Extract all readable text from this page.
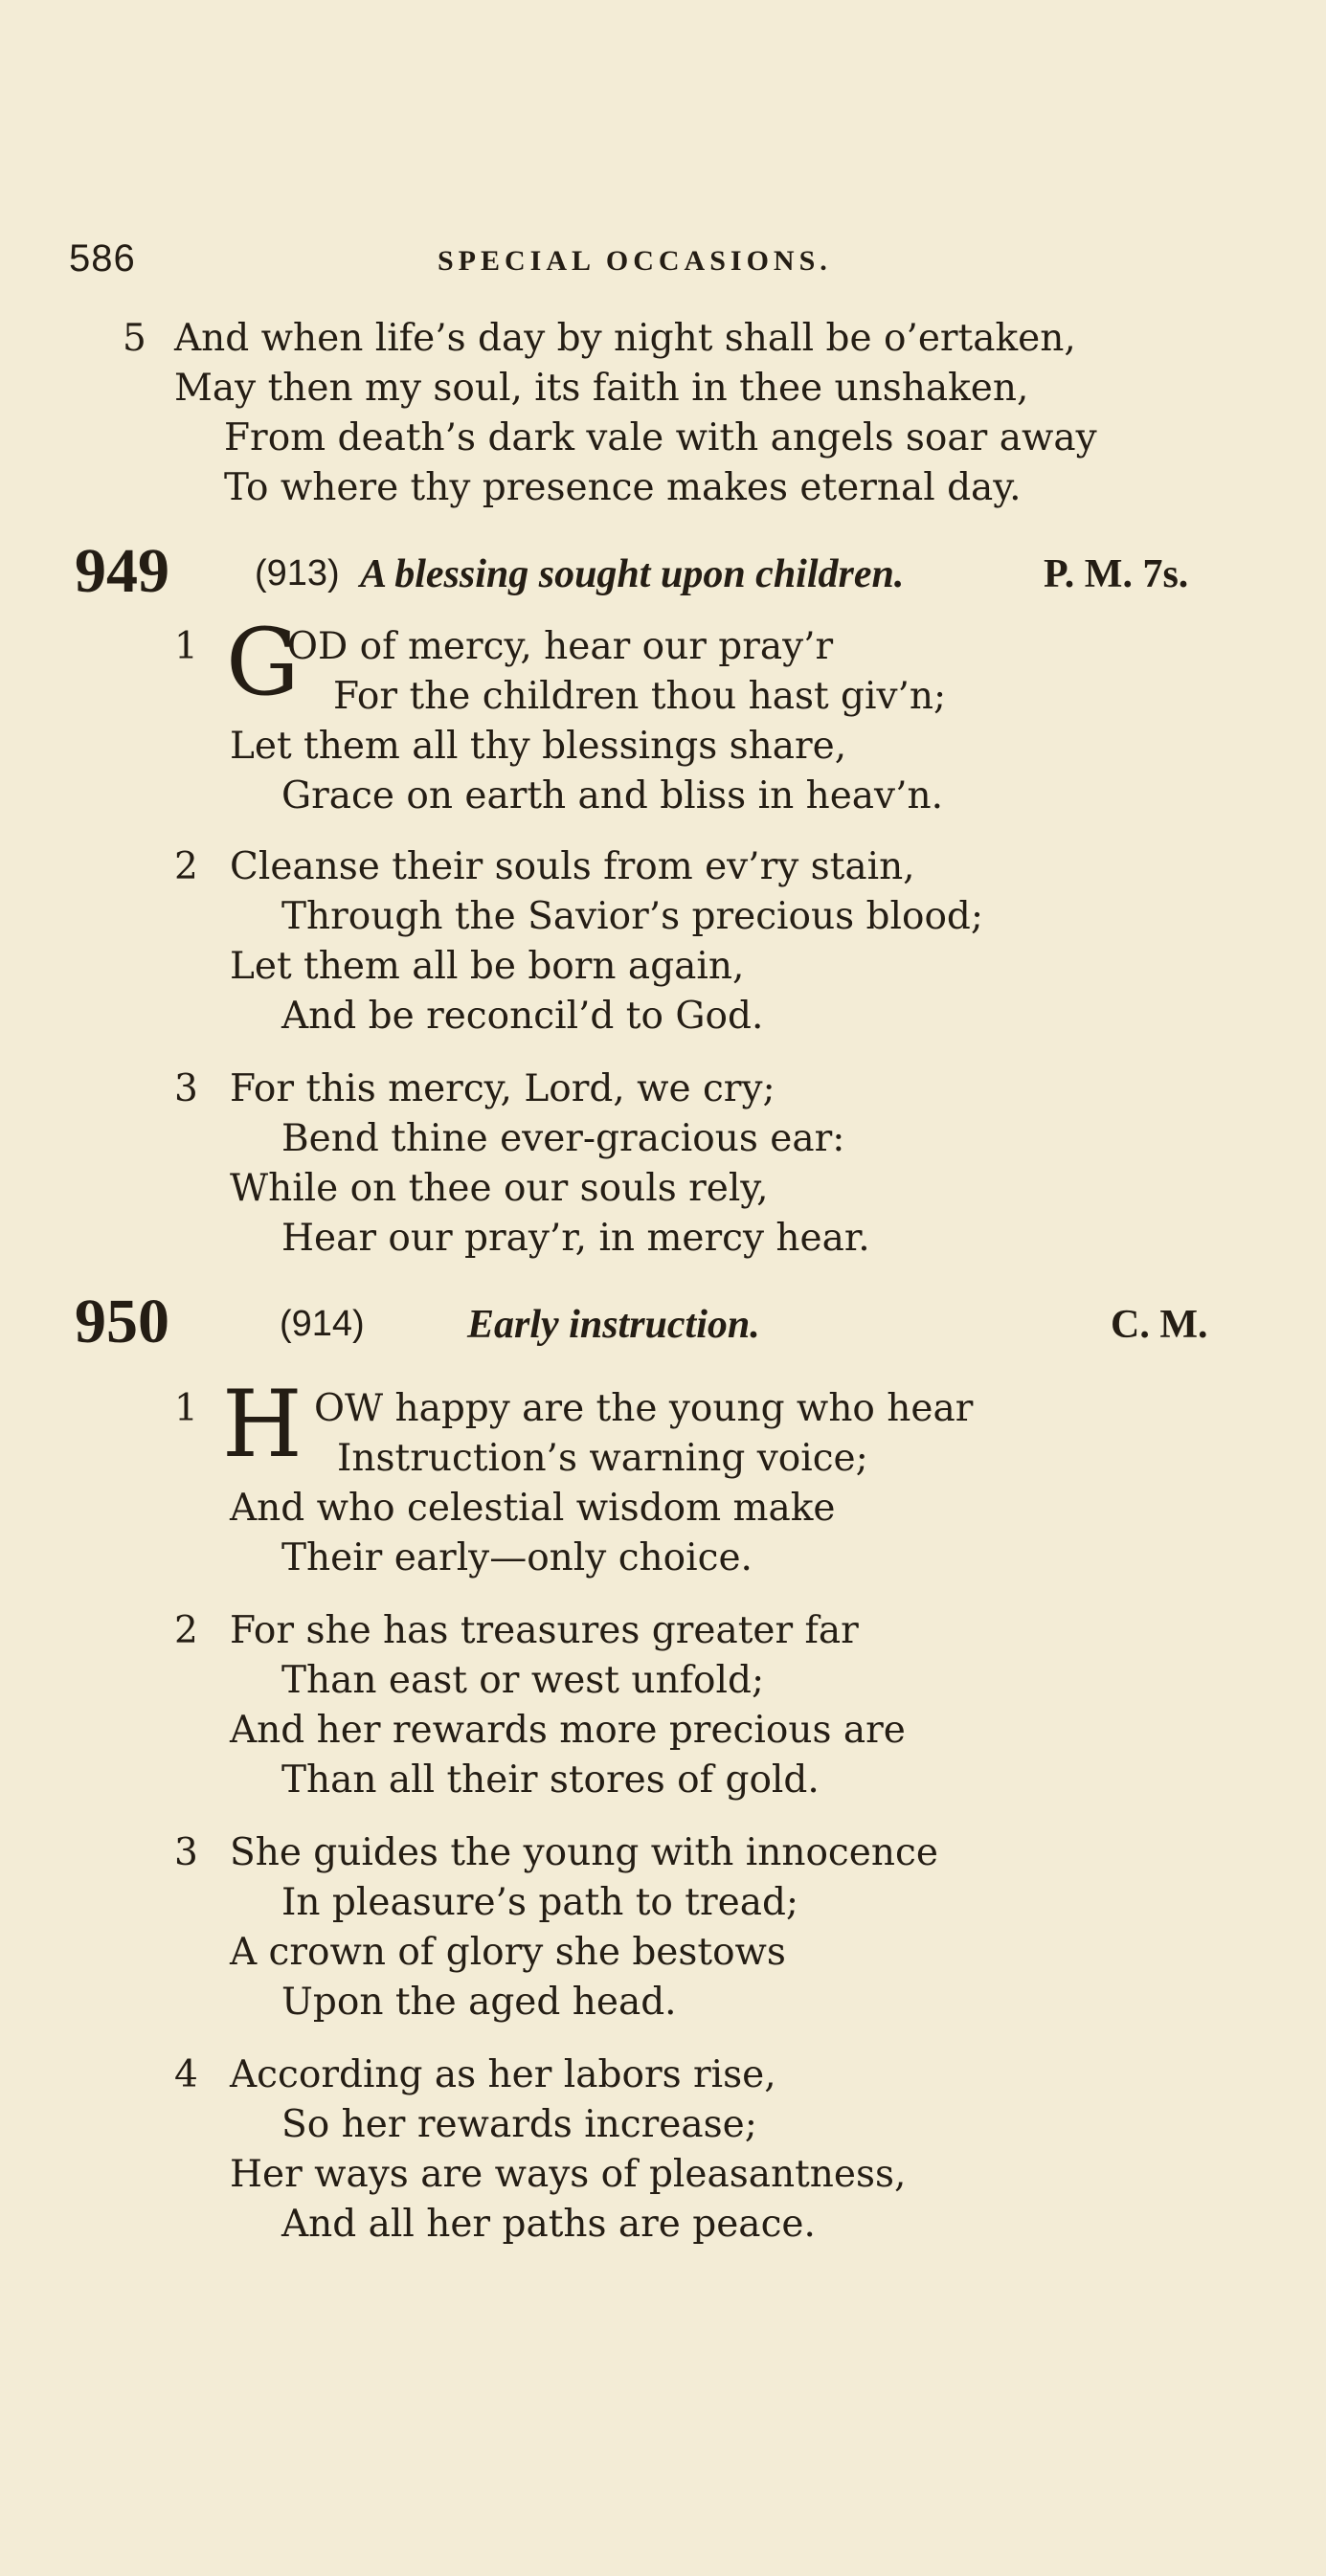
586	SPECIAL OCCASIONS.
5 And when life’s day by night shall be o’ertaken,
May then my soul, its faith in thee unshaken,
From death’s dark vale with angels soar away
To where thy presence makes eternal day.
949 (913) A blessing sought upon children.	P. M. 7s.
1 G
OD of mercy, hear our pray’r
For the children thou hast giv’n;
Let them all thy blessings share,
Grace on earth and bliss in heav’n.
2 Cleanse their souls from ev’ry stain,
Through the Savior’s precious blood;
Let them all be born again,
And be reconcil’d to God.
3 For this mercy, Lord, we cry;
Bend thine ever-gracious ear:
While on thee our souls rely,
Hear our pray’r, in mercy hear.
950	(914)	Early instruction.	C. M.
1 H OW happy are the young who hear
Instruction’s warning voice;
And who celestial wisdom make
Their early—only choice.
2 For she has treasures greater far
Than east or west unfold;
And her rewards more precious are
Than all their stores of gold.
3 She guides the young with innocence
In pleasure’s path to tread;
A crown of glory she bestows
Upon the aged head.
4 According as her labors rise,
So her rewards increase;
Her ways are ways of pleasantness,
And all her paths are peace.
